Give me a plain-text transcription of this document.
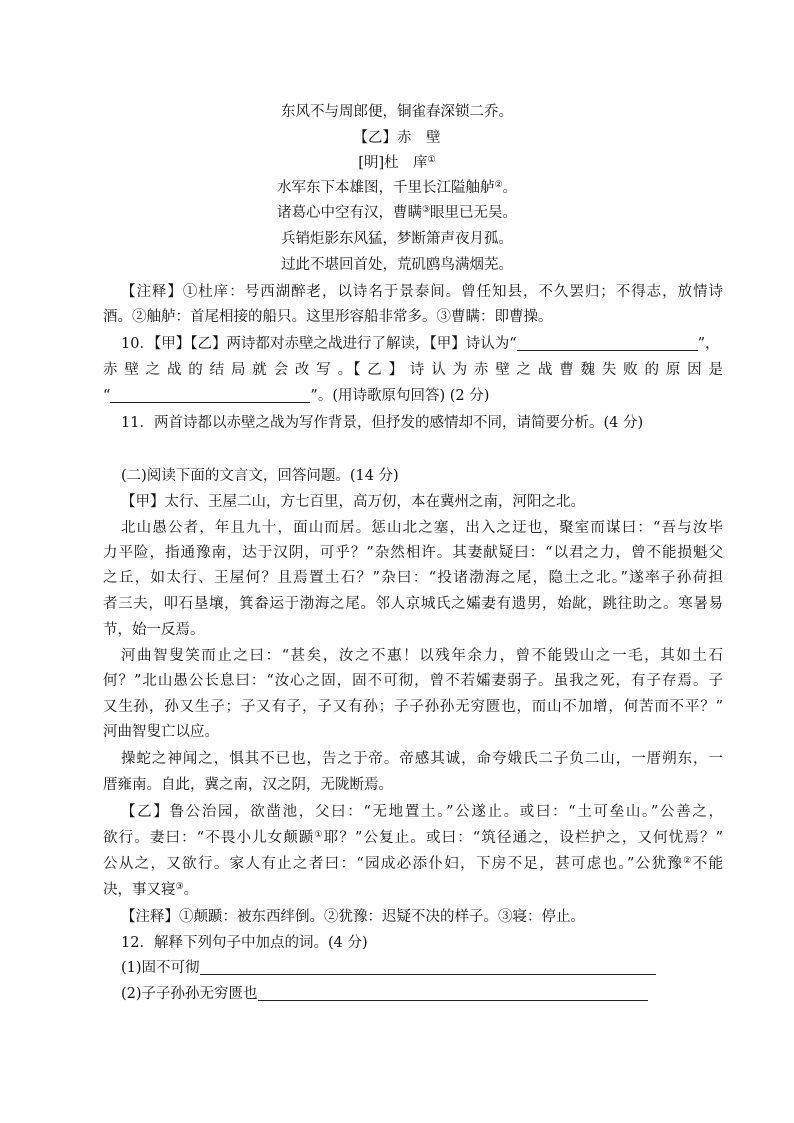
东风不与周郎便，铜雀春深锁二乔。
【乙】赤　壁
[明]杜　庠①
水军东下本雄图，千里长江隘舳舻②。
诸葛心中空有汉，曹瞒③眼里已无吴。
兵销炬影东风猛，梦断箫声夜月孤。
过此不堪回首处，荒矶鸥鸟满烟芜。
【注释】①杜庠：号西湖醉老，以诗名于景泰间。曾任知县，不久罢归；不得志，放情诗
酒。②舳舻：首尾相接的船只。这里形容船非常多。③曹瞒：即曹操。
10．【甲】【乙】两诗都对赤壁之战进行了解读，【甲】诗认为“	”，
赤 壁 之 战 的 结 局 就 会 改 写 。【 乙 】 诗 认 为 赤 壁 之 战 曹 魏 失 败 的 原 因 是
“	”。(用诗歌原句回答) (2 分)
11．两首诗都以赤壁之战为写作背景，但抒发的感情却不同，请简要分析。(4 分)
(二)阅读下面的文言文，回答问题。(14 分)
【甲】太行、王屋二山，方七百里，高万仞，本在冀州之南，河阳之北。
北山愚公者，年且九十，面山而居。惩山北之塞，出入之迂也，聚室而谋曰：“吾与汝毕
力平险，指通豫南，达于汉阴，可乎？”杂然相许。其妻献疑曰：“以君之力，曾不能损魁父
之丘，如太行、王屋何？且焉置土石？”杂曰：“投诸渤海之尾，隐土之北。”遂率子孙荷担
者三夫，叩石垦壤，箕畚运于渤海之尾。邻人京城氏之孀妻有遗男，始龀，跳往助之。寒暑易
节，始一反焉。
河曲智叟笑而止之曰：“甚矣，汝之不惠！以残年余力，曾不能毁山之一毛，其如土石
何？”北山愚公长息曰：“汝心之固，固不可彻，曾不若孀妻弱子。虽我之死，有子存焉。子
又生孙，孙又生子；子又有子，子又有孙；子子孙孙无穷匮也，而山不加增，何苦而不平？”
河曲智叟亡以应。
操蛇之神闻之，惧其不已也，告之于帝。帝感其诚，命夸娥氏二子负二山，一厝朔东，一
厝雍南。自此，冀之南，汉之阴，无陇断焉。
【乙】鲁公治园，欲凿池，父曰：“无地置土。”公遂止。或曰：“土可垒山。”公善之，
欲行。妻曰：“不畏小儿女颠踬①耶？”公复止。或曰：“筑径通之，设栏护之，又何忧焉？”
公从之，又欲行。家人有止之者曰：“园成必添仆妇，下房不足，甚可虑也。”公犹豫②不能
决，事又寝③。
【注释】①颠踬：被东西绊倒。②犹豫：迟疑不决的样子。③寝：停止。
12．解释下列句子中加点的词。(4 分)
(1)固不可彻
(2)子子孙孙无穷匮也
